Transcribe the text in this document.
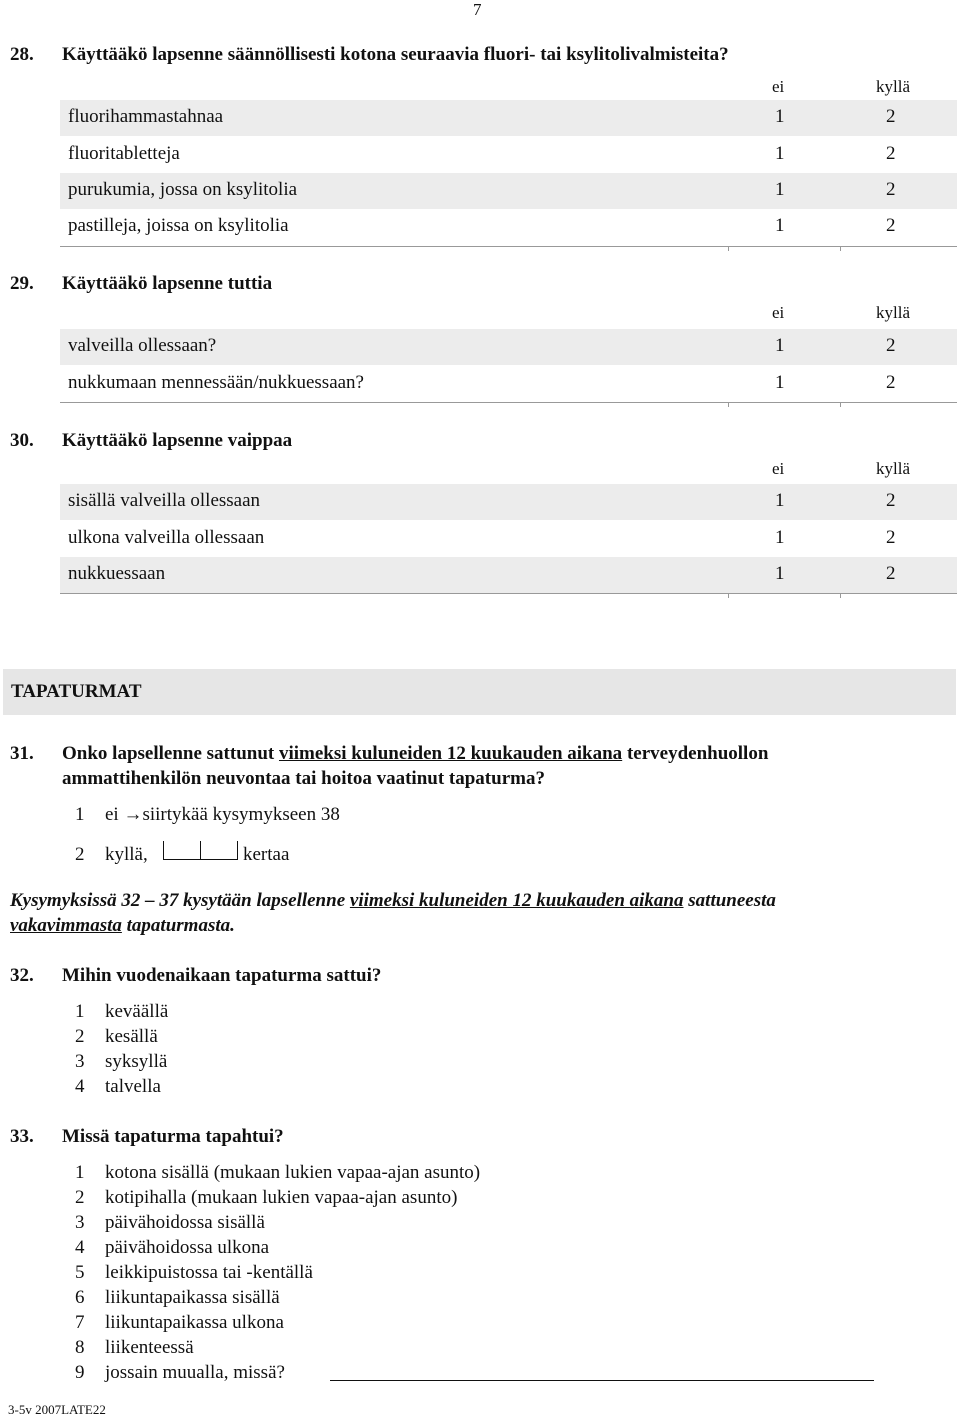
7
28. Käyttääkö lapsenne säännöllisesti kotona seuraavia fluori- tai ksylitolivalmisteita?
ei	kyllä
fluorihammastahnaa	1	2
fluoritabletteja	1	2
purukumia, jossa on ksylitolia	1	2
pastilleja, joissa on ksylitolia	1	2
29. Käyttääkö lapsenne tuttia
ei	kyllä
valveilla ollessaan?	1	2
nukkumaan mennessään/nukkuessaan?	1	2
30. Käyttääkö lapsenne vaippaa
ei	kyllä
sisällä valveilla ollessaan	1	2
ulkona valveilla ollessaan	1	2
nukkuessaan	1	2
TAPATURMAT
31. Onko lapsellenne sattunut viimeksi kuluneiden 12 kuukauden aikana terveydenhuollon
ammattihenkilön neuvontaa tai hoitoa vaatinut tapaturma?
1 ei →siirtykää kysymykseen 38
2 kyllä,	kertaa
Kysymyksissä 32 – 37 kysytään lapsellenne viimeksi kuluneiden 12 kuukauden aikana sattuneesta
vakavimmasta tapaturmasta.
32. Mihin vuodenaikaan tapaturma sattui?
1 keväällä
2 kesällä
3 syksyllä
4 talvella
33. Missä tapaturma tapahtui?
1 kotona sisällä (mukaan lukien vapaa-ajan asunto)
2 kotipihalla (mukaan lukien vapaa-ajan asunto)
3 päivähoidossa sisällä
4 päivähoidossa ulkona
5 leikkipuistossa tai -kentällä
6 liikuntapaikassa sisällä
7 liikuntapaikassa ulkona
8 liikenteessä
9 jossain muualla, missä?
3-5v 2007LATE22
